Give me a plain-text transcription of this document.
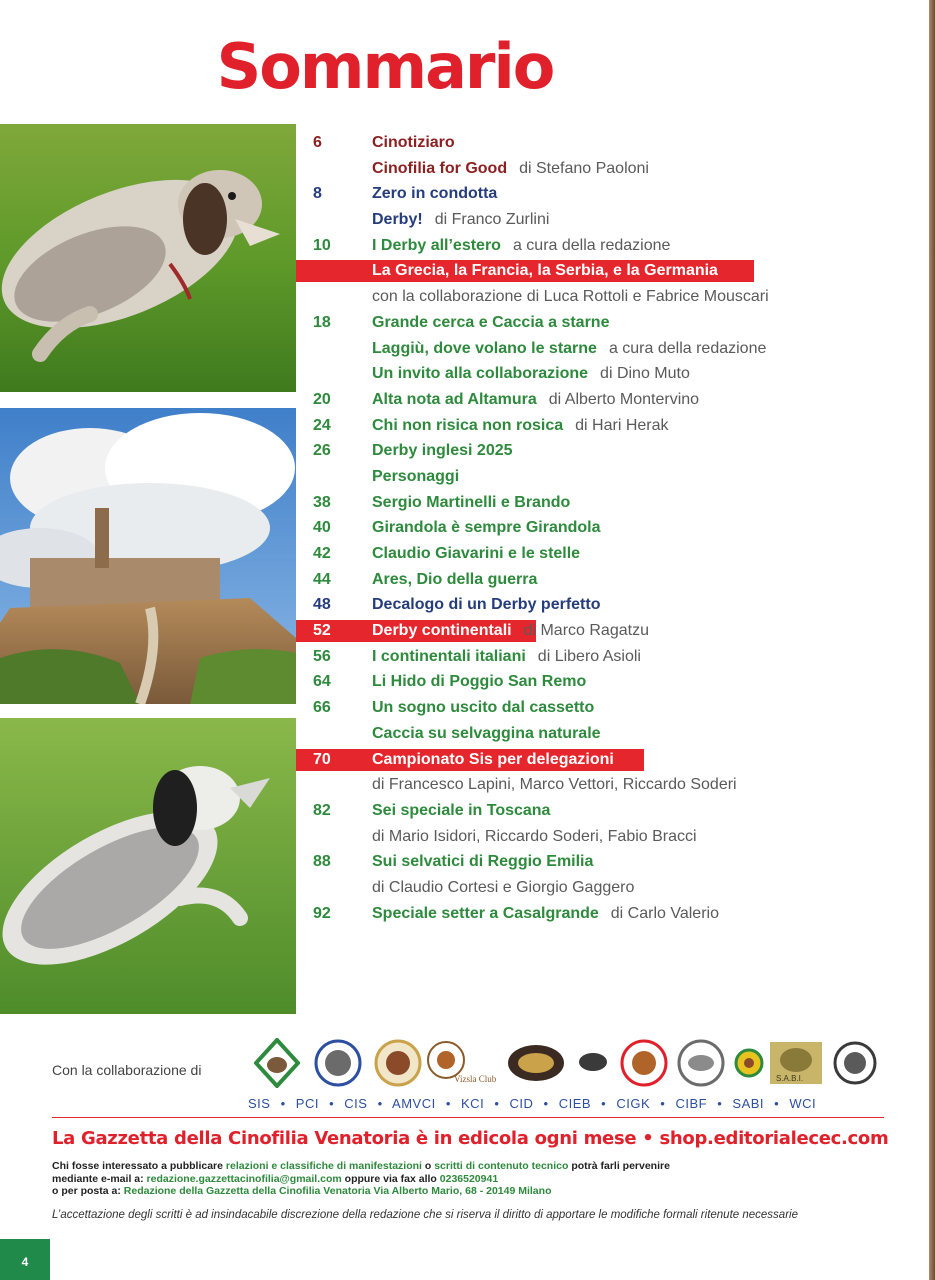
Sommario
6	Cinotiziaro
Cinofilia for Good di Stefano Paoloni
8	Zero in condotta
Derby! di Franco Zurlini
10	I Derby all’estero a cura della redazione
La Grecia, la Francia, la Serbia, e la Germania
con la collaborazione di Luca Rottoli e Fabrice Mouscari
18	Grande cerca e Caccia a starne
Laggiù, dove volano le starne a cura della redazione
Un invito alla collaborazione di Dino Muto
20	Alta nota ad Altamura di Alberto Montervino
24	Chi non risica non rosica di Hari Herak
26	Derby inglesi 2025
Personaggi
38	Sergio Martinelli e Brando
40	Girandola è sempre Girandola
42	Claudio Giavarini e le stelle
44	Ares, Dio della guerra
48	Decalogo di un Derby perfetto
52	Derby continentali di Marco Ragatzu
56	I continentali italiani di Libero Asioli
64	Li Hido di Poggio San Remo
66	Un sogno uscito dal cassetto
Caccia su selvaggina naturale
70	Campionato Sis per delegazioni
di Francesco Lapini, Marco Vettori, Riccardo Soderi
82	Sei speciale in Toscana
di Mario Isidori, Riccardo Soderi, Fabio Bracci
88	Sui selvatici di Reggio Emilia
di Claudio Cortesi e Giorgio Gaggero
92	Speciale setter a Casalgrande di Carlo Valerio
Con la collaborazione di
Vizsla Club	S.A.B.I.
SIS • PCI • CIS • AMVCI • KCI • CID • CIEB • CIGK • CIBF • SABI • WCI
La Gazzetta della Cinofilia Venatoria è in edicola ogni mese • shop.editorialecec.com
Chi fosse interessato a pubblicare relazioni e classifiche di manifestazioni o scritti di contenuto tecnico potrà farli pervenire
mediante e-mail a: redazione.gazzettacinofilia@gmail.com oppure via fax allo 0236520941
o per posta a: Redazione della Gazzetta della Cinofilia Venatoria Via Alberto Mario, 68 - 20149 Milano
L’accettazione degli scritti è ad insindacabile discrezione della redazione che si riserva il diritto di apportare le modifiche formali ritenute necessarie
4
